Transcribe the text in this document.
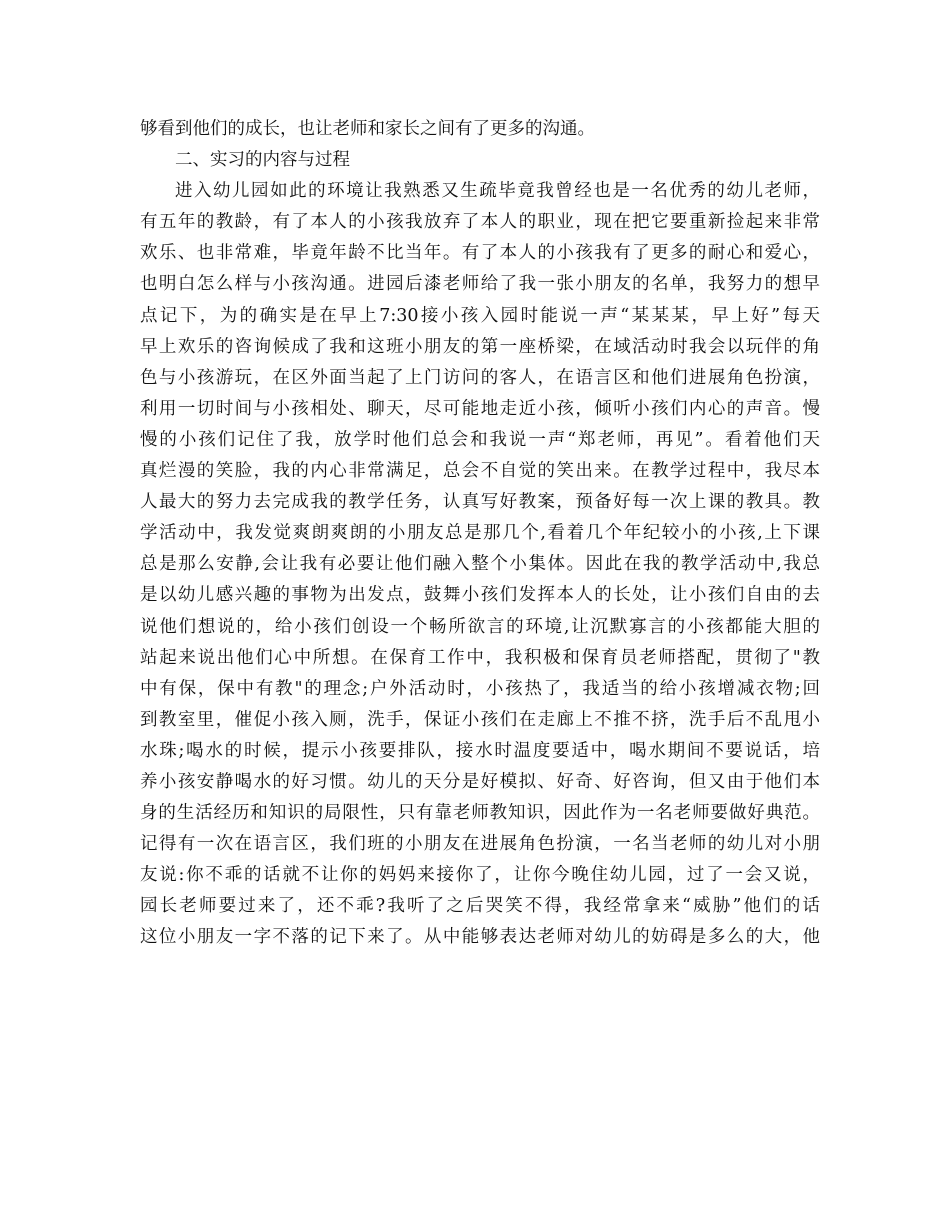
够看到他们的成长，也让老师和家长之间有了更多的沟通。
二、实习的内容与过程
进入幼儿园如此的环境让我熟悉又生疏毕竟我曾经也是一名优秀的幼儿老师，
有五年的教龄，有了本人的小孩我放弃了本人的职业，现在把它要重新捡起来非常
欢乐、也非常难，毕竟年龄不比当年。有了本人的小孩我有了更多的耐心和爱心，
也明白怎么样与小孩沟通。进园后漆老师给了我一张小朋友的名单，我努力的想早
点记下，为的确实是在早上7:30接小孩入园时能说一声“某某某，早上好”每天
早上欢乐的咨询候成了我和这班小朋友的第一座桥梁，在域活动时我会以玩伴的角
色与小孩游玩，在区外面当起了上门访问的客人，在语言区和他们进展角色扮演，
利用一切时间与小孩相处、聊天，尽可能地走近小孩，倾听小孩们内心的声音。慢
慢的小孩们记住了我，放学时他们总会和我说一声“郑老师，再见”。看着他们天
真烂漫的笑脸，我的内心非常满足，总会不自觉的笑出来。在教学过程中，我尽本
人最大的努力去完成我的教学任务，认真写好教案，预备好每一次上课的教具。教
学活动中，我发觉爽朗爽朗的小朋友总是那几个,看着几个年纪较小的小孩,上下课
总是那么安静,会让我有必要让他们融入整个小集体。因此在我的教学活动中,我总
是以幼儿感兴趣的事物为出发点，鼓舞小孩们发挥本人的长处，让小孩们自由的去
说他们想说的，给小孩们创设一个畅所欲言的环境,让沉默寡言的小孩都能大胆的
站起来说出他们心中所想。在保育工作中，我积极和保育员老师搭配，贯彻了"教
中有保，保中有教"的理念;户外活动时，小孩热了，我适当的给小孩增减衣物;回
到教室里，催促小孩入厕，洗手，保证小孩们在走廊上不推不挤，洗手后不乱甩小
水珠;喝水的时候，提示小孩要排队，接水时温度要适中，喝水期间不要说话，培
养小孩安静喝水的好习惯。幼儿的天分是好模拟、好奇、好咨询，但又由于他们本
身的生活经历和知识的局限性，只有靠老师教知识，因此作为一名老师要做好典范。
记得有一次在语言区，我们班的小朋友在进展角色扮演，一名当老师的幼儿对小朋
友说:你不乖的话就不让你的妈妈来接你了，让你今晚住幼儿园，过了一会又说，
园长老师要过来了，还不乖?我听了之后哭笑不得，我经常拿来“威胁”他们的话
这位小朋友一字不落的记下来了。从中能够表达老师对幼儿的妨碍是多么的大，他
